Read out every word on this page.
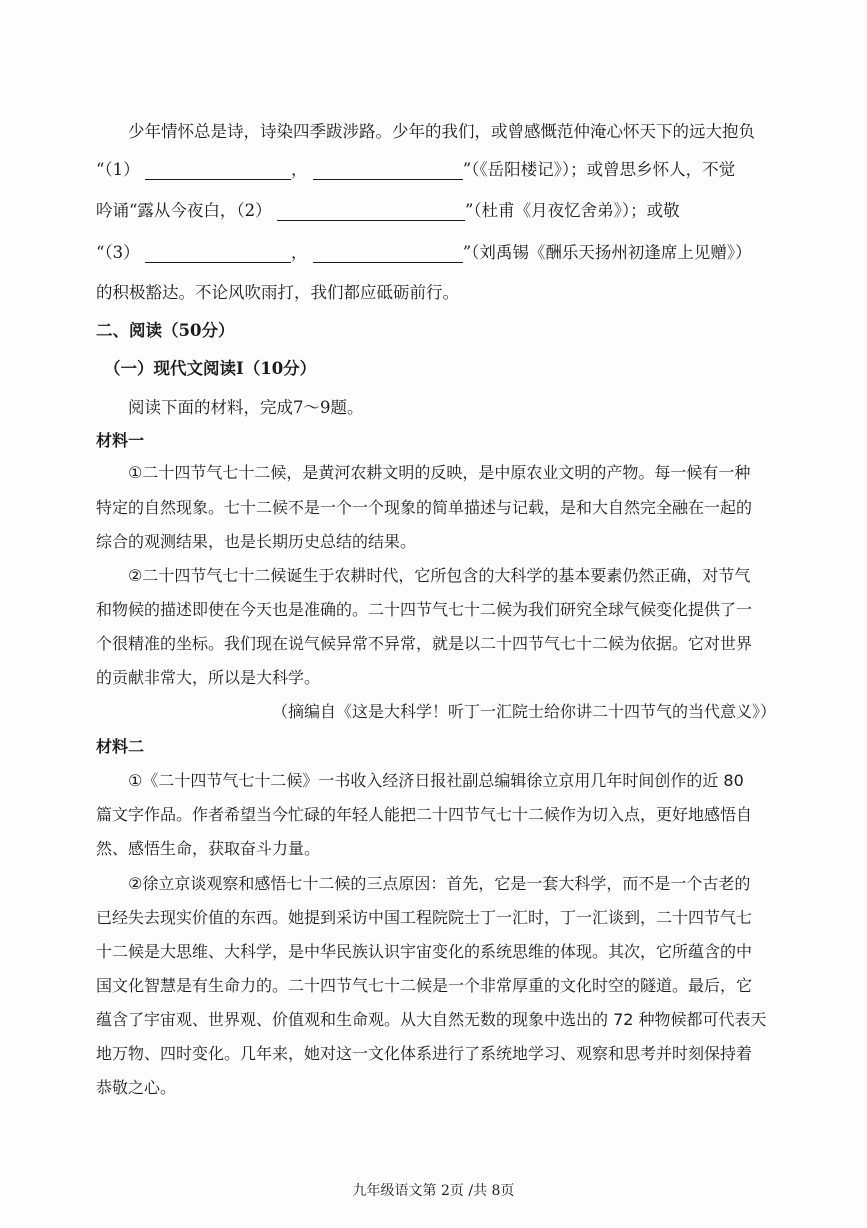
少年情怀总是诗，诗染四季跋涉路。少年的我们，或曾感慨范仲淹心怀天下的远大抱负
“（1）	，	”（《岳阳楼记》）；或曾思乡怀人，不觉
吟诵“露从今夜白，（2）	”（杜甫《月夜忆舍弟》）；或敬
“（3）	，	”（刘禹锡《酬乐天扬州初逢席上见赠》）
的积极豁达。不论风吹雨打，我们都应砥砺前行。
二、阅读（50分）
（一）现代文阅读Ⅰ（10分）
阅读下面的材料，完成7～9题。
材料一
①二十四节气七十二候，是黄河农耕文明的反映，是中原农业文明的产物。每一候有一种
特定的自然现象。七十二候不是一个一个现象的简单描述与记载，是和大自然完全融在一起的
综合的观测结果，也是长期历史总结的结果。
②二十四节气七十二候诞生于农耕时代，它所包含的大科学的基本要素仍然正确，对节气
和物候的描述即使在今天也是准确的。二十四节气七十二候为我们研究全球气候变化提供了一
个很精准的坐标。我们现在说气候异常不异常，就是以二十四节气七十二候为依据。它对世界
的贡献非常大，所以是大科学。
（摘编自《这是大科学！听丁一汇院士给你讲二十四节气的当代意义》）
材料二
①《二十四节气七十二候》一书收入经济日报社副总编辑徐立京用几年时间创作的近 80
篇文字作品。作者希望当今忙碌的年轻人能把二十四节气七十二候作为切入点，更好地感悟自
然、感悟生命，获取奋斗力量。
②徐立京谈观察和感悟七十二候的三点原因：首先，它是一套大科学，而不是一个古老的
已经失去现实价值的东西。她提到采访中国工程院院士丁一汇时，丁一汇谈到，二十四节气七
十二候是大思维、大科学，是中华民族认识宇宙变化的系统思维的体现。其次，它所蕴含的中
国文化智慧是有生命力的。二十四节气七十二候是一个非常厚重的文化时空的隧道。最后，它
蕴含了宇宙观、世界观、价值观和生命观。从大自然无数的现象中选出的 72 种物候都可代表天
地万物、四时变化。几年来，她对这一文化体系进行了系统地学习、观察和思考并时刻保持着
恭敬之心。
九年级语文第 2页 /共 8页
